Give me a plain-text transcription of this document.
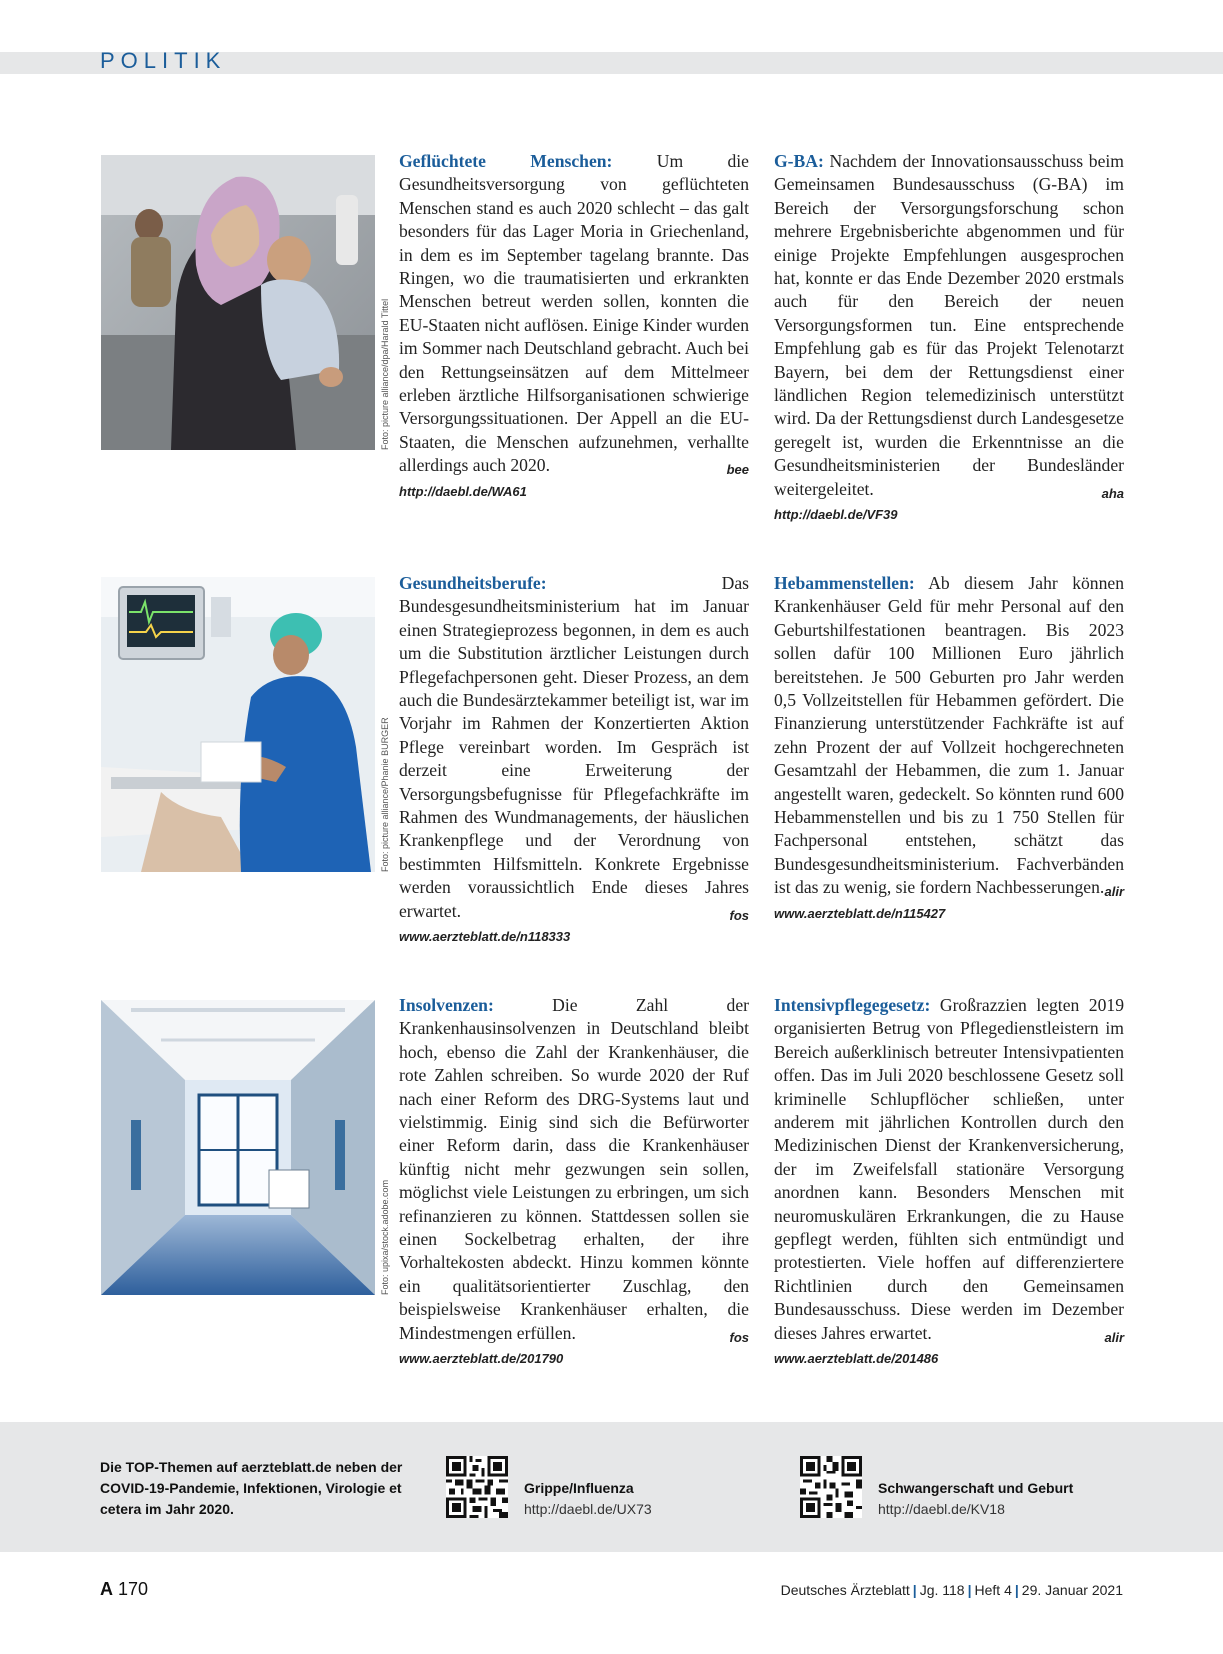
POLITIK
Foto: picture alliance/dpa/Harald Tittel
Geflüchtete Menschen: Um die Gesundheitsversorgung von geflüchteten Menschen stand es auch 2020 schlecht – das galt besonders für das Lager Moria in Griechenland, in dem es im September tagelang brannte. Das Ringen, wo die traumatisierten und erkrankten Menschen betreut werden sollen, konnten die EU-Staaten nicht auflösen. Einige Kinder wurden im Sommer nach Deutschland gebracht. Auch bei den Rettungseinsätzen auf dem Mittelmeer erleben ärztliche Hilfsorganisationen schwierige Versorgungssituationen. Der Appell an die EU-Staaten, die Menschen aufzunehmen, verhallte allerdings auch 2020.	bee
http://daebl.de/WA61
G-BA: Nachdem der Innovationsausschuss beim Gemeinsamen Bundesausschuss (G-BA) im Bereich der Versorgungsforschung schon mehrere Ergebnisberichte abgenommen und für einige Projekte Empfehlungen ausgesprochen hat, konnte er das Ende Dezember 2020 erstmals auch für den Bereich der neuen Versorgungsformen tun. Eine entsprechende Empfehlung gab es für das Projekt Telenotarzt Bayern, bei dem der Rettungsdienst einer ländlichen Region telemedizinisch unterstützt wird. Da der Rettungsdienst durch Landesgesetze geregelt ist, wurden die Erkenntnisse an die Gesundheitsministerien der Bundesländer weitergeleitet.	aha
http://daebl.de/VF39
Foto: picture alliance/Phanie BURGER
Gesundheitsberufe: Das Bundesgesundheitsministerium hat im Januar einen Strategieprozess begonnen, in dem es auch um die Substitution ärztlicher Leistungen durch Pflegefachpersonen geht. Dieser Prozess, an dem auch die Bundesärztekammer beteiligt ist, war im Vorjahr im Rahmen der Konzertierten Aktion Pflege vereinbart worden. Im Gespräch ist derzeit eine Erweiterung der Versorgungsbefugnisse für Pflegefachkräfte im Rahmen des Wundmanagements, der häuslichen Krankenpflege und der Verordnung von bestimmten Hilfsmitteln. Konkrete Ergebnisse werden voraussichtlich Ende dieses Jahres erwartet.	fos
www.aerzteblatt.de/n118333
Hebammenstellen: Ab diesem Jahr können Krankenhäuser Geld für mehr Personal auf den Geburtshilfestationen beantragen. Bis 2023 sollen dafür 100 Millionen Euro jährlich bereitstehen. Je 500 Geburten pro Jahr werden 0,5 Vollzeitstellen für Hebammen gefördert. Die Finanzierung unterstützender Fachkräfte ist auf zehn Prozent der auf Vollzeit hochgerechneten Gesamtzahl der Hebammen, die zum 1. Januar angestellt waren, gedeckelt. So könnten rund 600 Hebammenstellen und bis zu 1 750 Stellen für Fachpersonal entstehen, schätzt das Bundesgesundheitsministerium. Fachverbänden ist das zu wenig, sie fordern Nachbesserungen. alir
www.aerzteblatt.de/n115427
Foto: upixa/stock.adobe.com
Insolvenzen: Die Zahl der Krankenhausinsolvenzen in Deutschland bleibt hoch, ebenso die Zahl der Krankenhäuser, die rote Zahlen schreiben. So wurde 2020 der Ruf nach einer Reform des DRG-Systems laut und vielstimmig. Einig sind sich die Befürworter einer Reform darin, dass die Krankenhäuser künftig nicht mehr gezwungen sein sollen, möglichst viele Leistungen zu erbringen, um sich refinanzieren zu können. Stattdessen sollen sie einen Sockelbetrag erhalten, der ihre Vorhaltekosten abdeckt. Hinzu kommen könnte ein qualitätsorientierter Zuschlag, den beispielsweise Krankenhäuser erhalten, die Mindestmengen erfüllen.	fos
www.aerzteblatt.de/201790
Intensivpflegegesetz: Großrazzien legten 2019 organisierten Betrug von Pflegedienstleistern im Bereich außerklinisch betreuter Intensivpatienten offen. Das im Juli 2020 beschlossene Gesetz soll kriminelle Schlupflöcher schließen, unter anderem mit jährlichen Kontrollen durch den Medizinischen Dienst der Krankenversicherung, der im Zweifelsfall stationäre Versorgung anordnen kann. Besonders Menschen mit neuromuskulären Erkrankungen, die zu Hause gepflegt werden, fühlten sich entmündigt und protestierten. Viele hoffen auf differenziertere Richtlinien durch den Gemeinsamen Bundesausschuss. Diese werden im Dezember dieses Jahres erwartet.	alir
www.aerzteblatt.de/201486
Die TOP-Themen auf aerzteblatt.de neben der COVID-19-Pandemie, Infektionen, Virologie et cetera im Jahr 2020.
Grippe/Influenza
http://daebl.de/UX73
Schwangerschaft und Geburt
http://daebl.de/KV18
A 170	Deutsches Ärzteblatt | Jg. 118 | Heft 4 | 29. Januar 2021
